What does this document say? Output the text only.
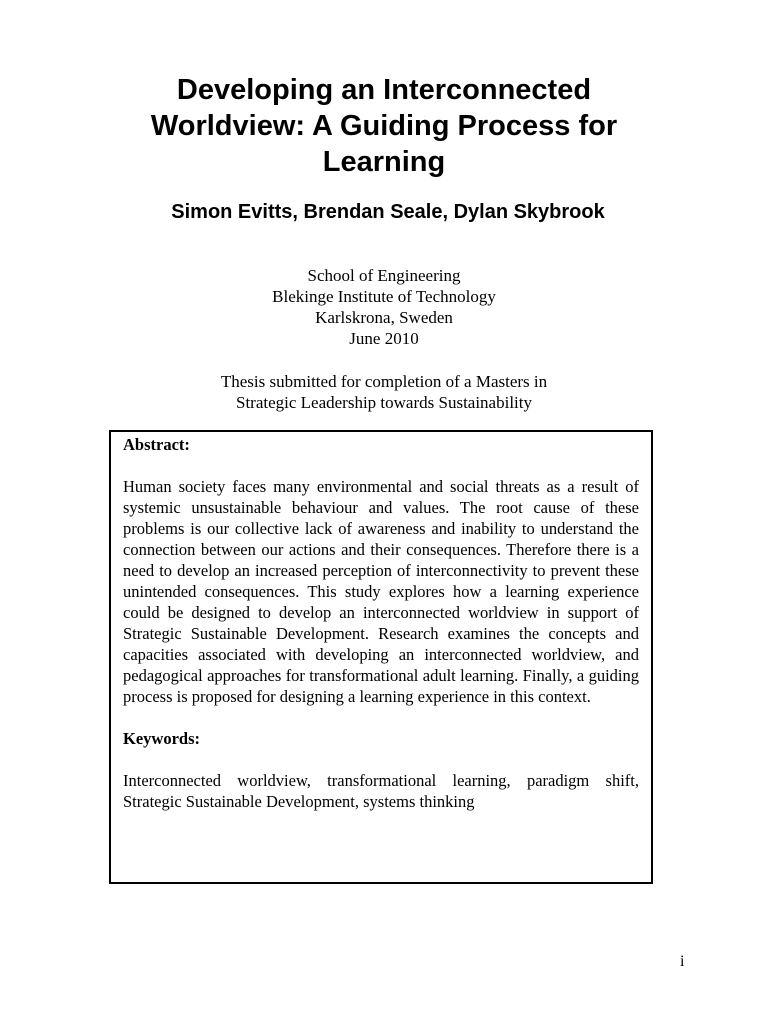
Developing an Interconnected
Worldview: A Guiding Process for
Learning

Simon Evitts, Brendan Seale, Dylan Skybrook

School of Engineering
Blekinge Institute of Technology
Karlskrona, Sweden
June 2010
Thesis submitted for completion of a Masters in
Strategic Leadership towards Sustainability

Abstract:

Human society faces many environmental and social threats as a result of systemic unsustainable behaviour and values. The root cause of these problems is our collective lack of awareness and inability to understand the connection between our actions and their consequences. Therefore there is a need to develop an increased perception of interconnectivity to prevent these unintended consequences. This study explores how a learning experience could be designed to develop an interconnected worldview in support of Strategic Sustainable Development. Research examines the concepts and capacities associated with developing an interconnected worldview, and pedagogical approaches for transformational adult learning. Finally, a guiding process is proposed for designing a learning experience in this context.

Keywords:

Interconnected worldview, transformational learning, paradigm shift, Strategic Sustainable Development, systems thinking

i
